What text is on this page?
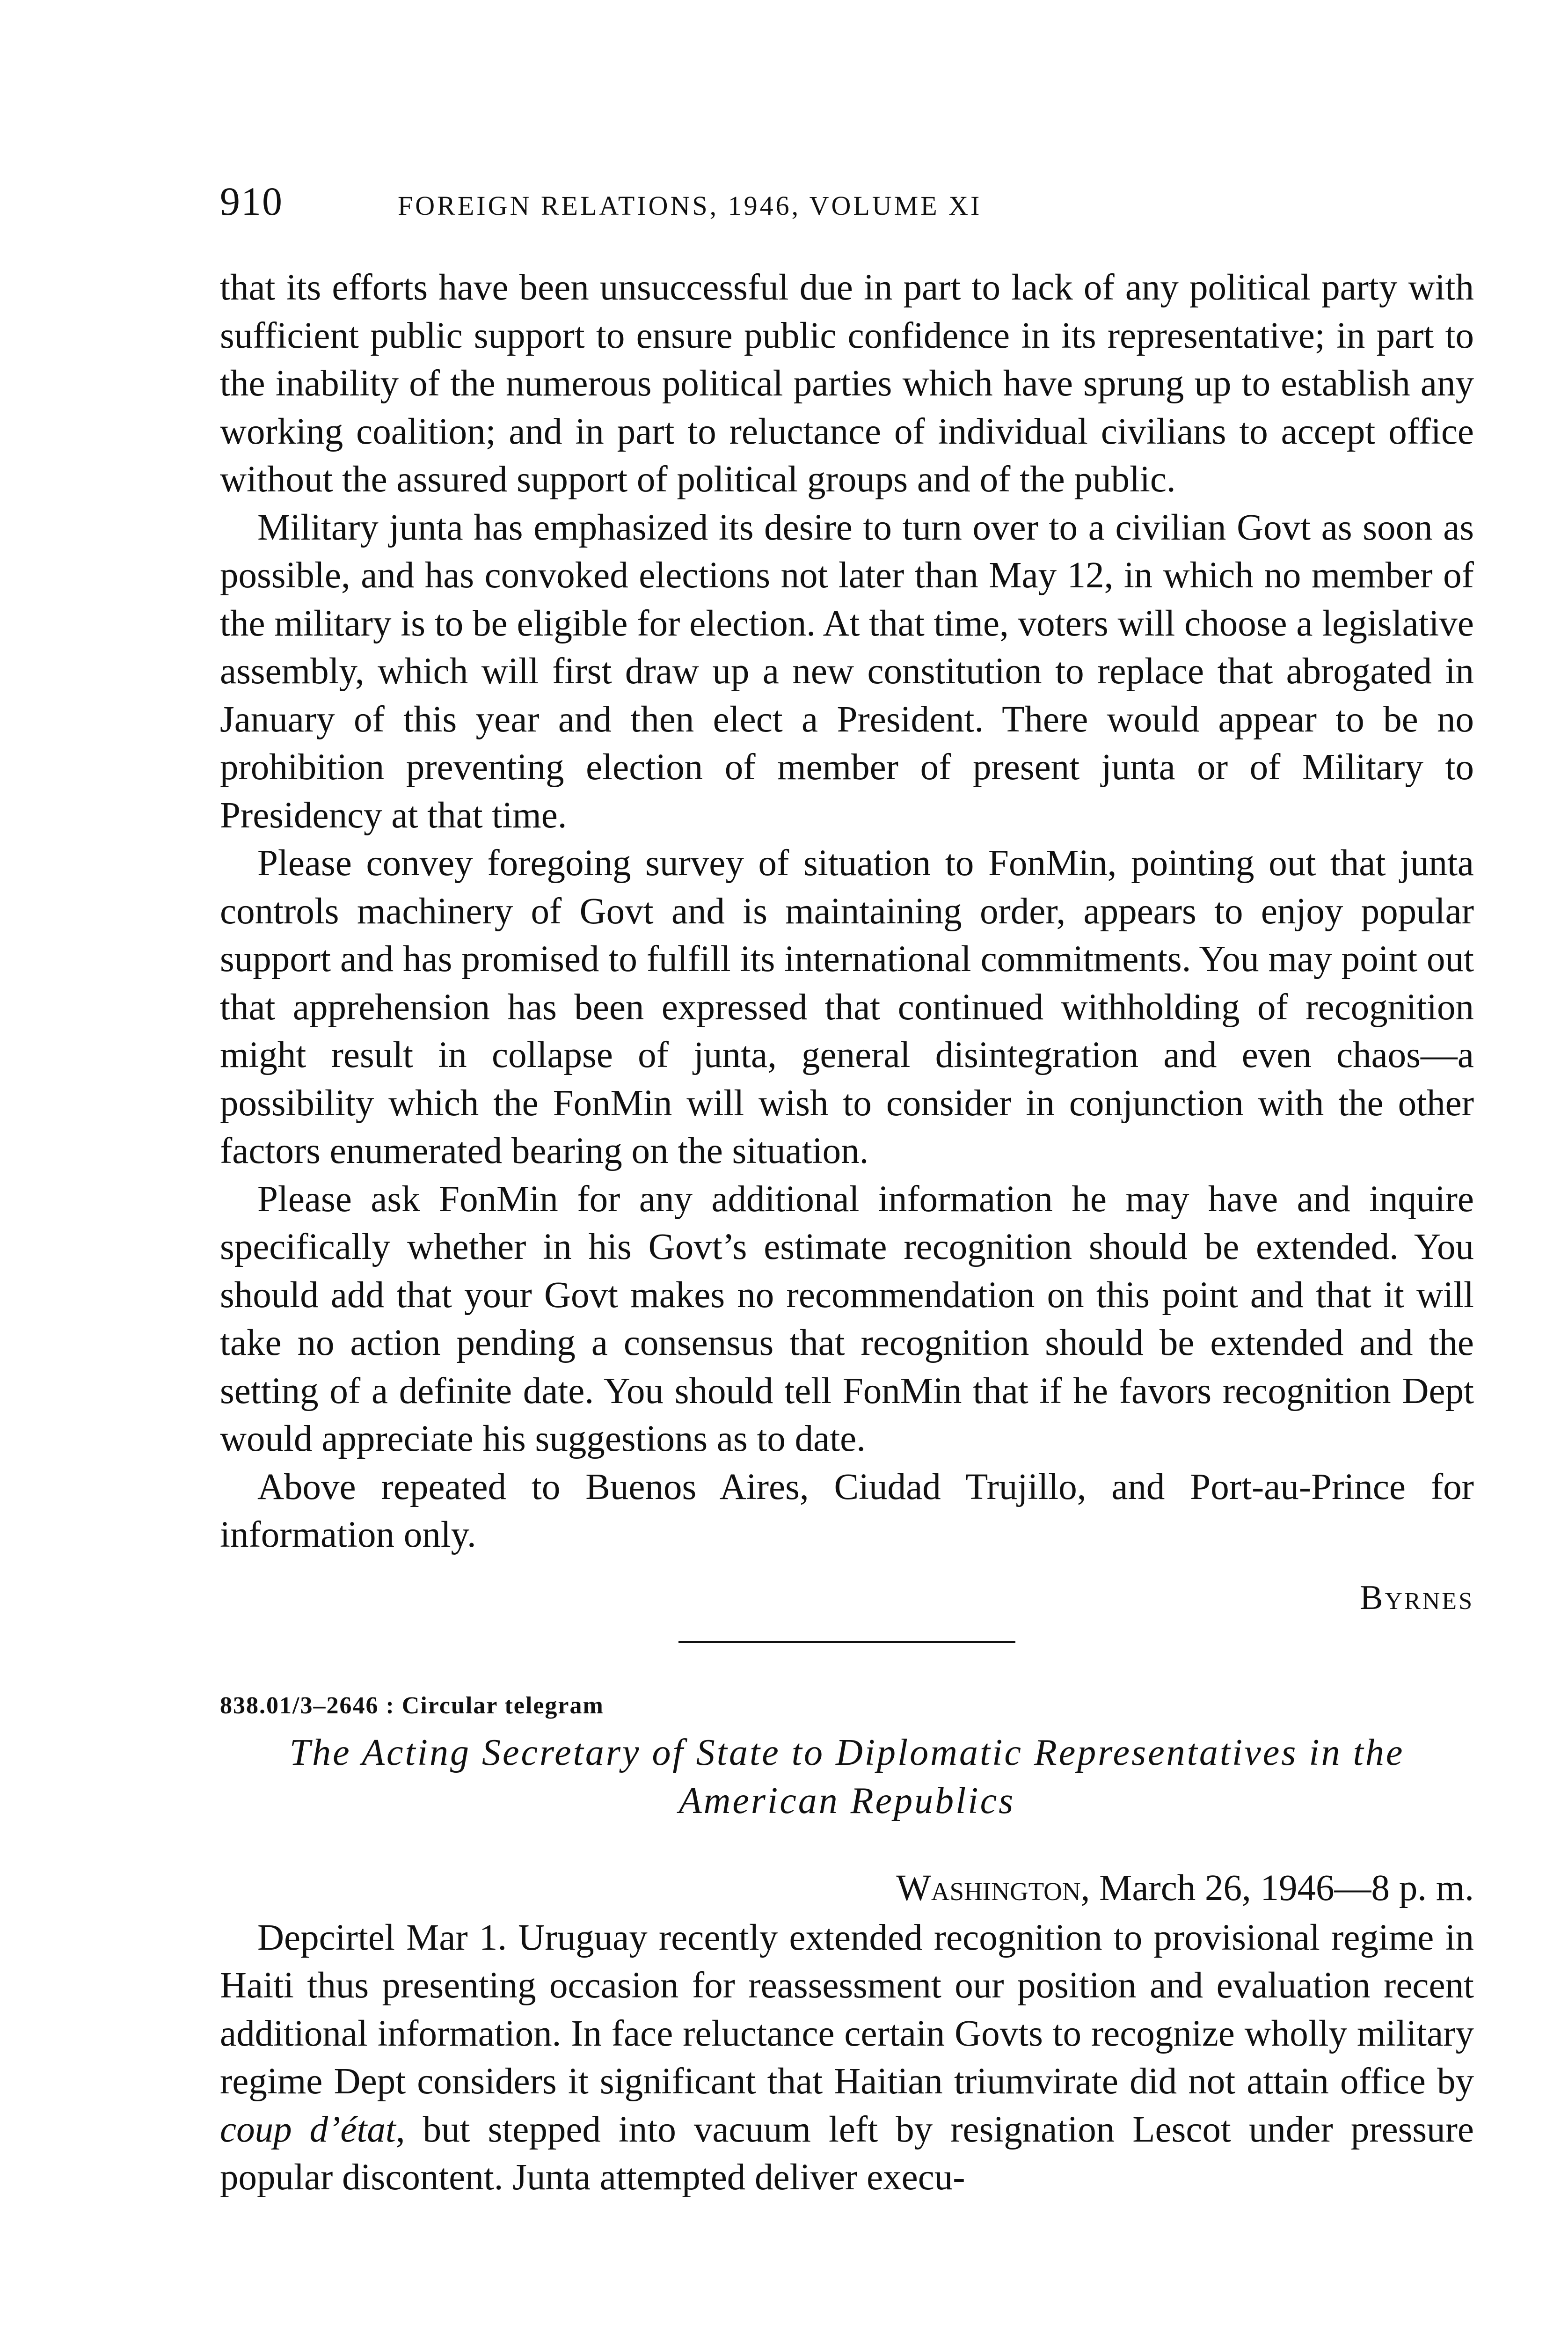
910	FOREIGN RELATIONS, 1946, VOLUME XI

that its efforts have been unsuccessful due in part to lack of any political party with sufficient public support to ensure public confidence in its representative; in part to the inability of the numerous political parties which have sprung up to establish any working coalition; and in part to reluctance of individual civilians to accept office without the assured support of political groups and of the public.

Military junta has emphasized its desire to turn over to a civilian Govt as soon as possible, and has convoked elections not later than May 12, in which no member of the military is to be eligible for election. At that time, voters will choose a legislative assembly, which will first draw up a new constitution to replace that abrogated in January of this year and then elect a President. There would appear to be no prohibition preventing election of member of present junta or of Military to Presidency at that time.

Please convey foregoing survey of situation to FonMin, pointing out that junta controls machinery of Govt and is maintaining order, appears to enjoy popular support and has promised to fulfill its international commitments. You may point out that apprehension has been expressed that continued withholding of recognition might result in collapse of junta, general disintegration and even chaos—a possibility which the FonMin will wish to consider in conjunction with the other factors enumerated bearing on the situation.

Please ask FonMin for any additional information he may have and inquire specifically whether in his Govt’s estimate recognition should be extended. You should add that your Govt makes no recommendation on this point and that it will take no action pending a consensus that recognition should be extended and the setting of a definite date. You should tell FonMin that if he favors recognition Dept would appreciate his suggestions as to date.

Above repeated to Buenos Aires, Ciudad Trujillo, and Port-au-Prince for information only.

Byrnes
838.01/3–2646 : Circular telegram
The Acting Secretary of State to Diplomatic Representatives in the American Republics
Washington, March 26, 1946—8 p. m.

Depcirtel Mar 1. Uruguay recently extended recognition to provisional regime in Haiti thus presenting occasion for reassessment our position and evaluation recent additional information. In face reluctance certain Govts to recognize wholly military regime Dept considers it significant that Haitian triumvirate did not attain office by coup d’état, but stepped into vacuum left by resignation Lescot under pressure popular discontent. Junta attempted deliver execu-
